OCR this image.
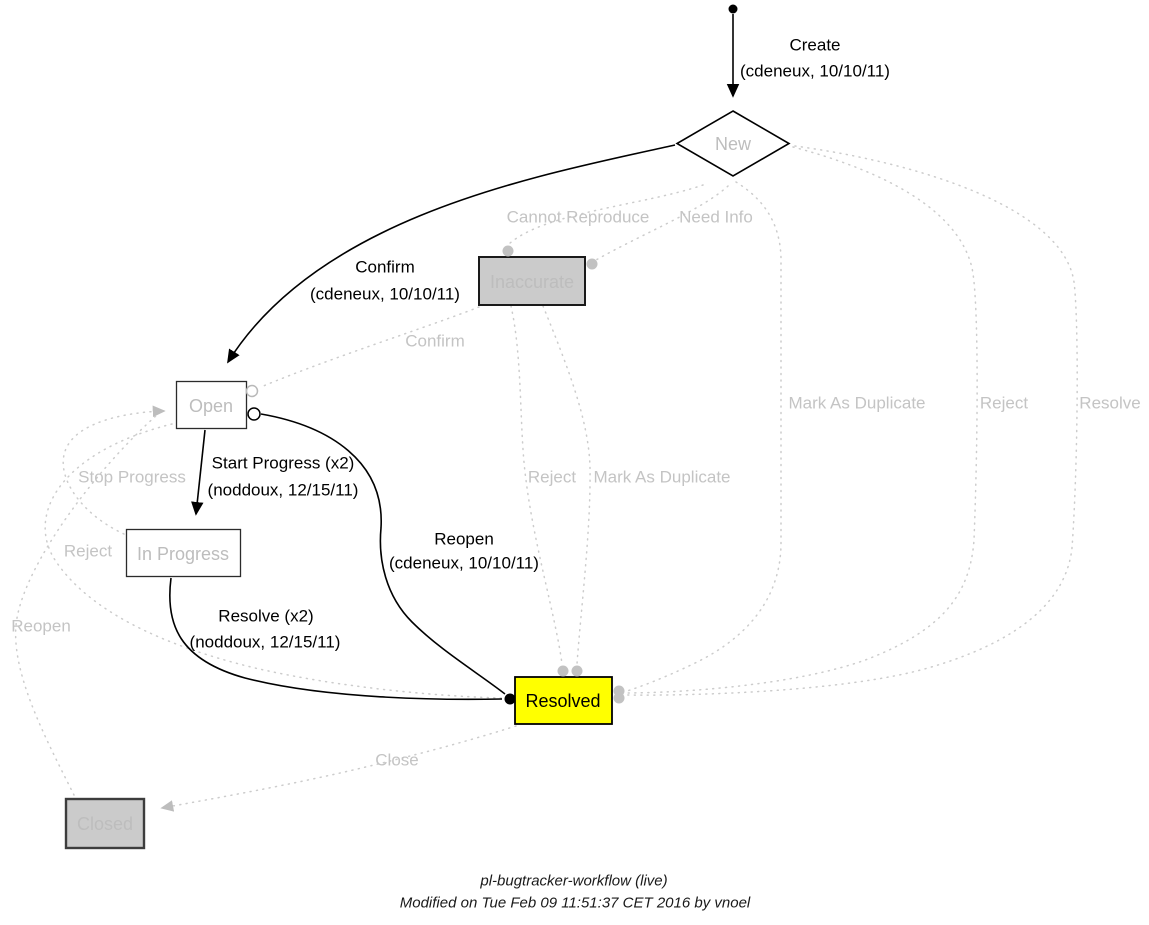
New
Inaccurate
Open
In Progress
Resolved
Closed
Create
(cdeneux, 10/10/11)
Confirm
(cdeneux, 10/10/11)
Start Progress (x2)
(noddoux, 12/15/11)
Resolve (x2)
(noddoux, 12/15/11)
Reopen
(cdeneux, 10/10/11)
Cannot Reproduce Need Info
Confirm
Mark As Duplicate	Reject	Resolve
Reject Mark As Duplicate
Stop Progress
Reject
Reopen
Close
pl-bugtracker-workflow (live)
Modified on Tue Feb 09 11:51:37 CET 2016 by vnoel
